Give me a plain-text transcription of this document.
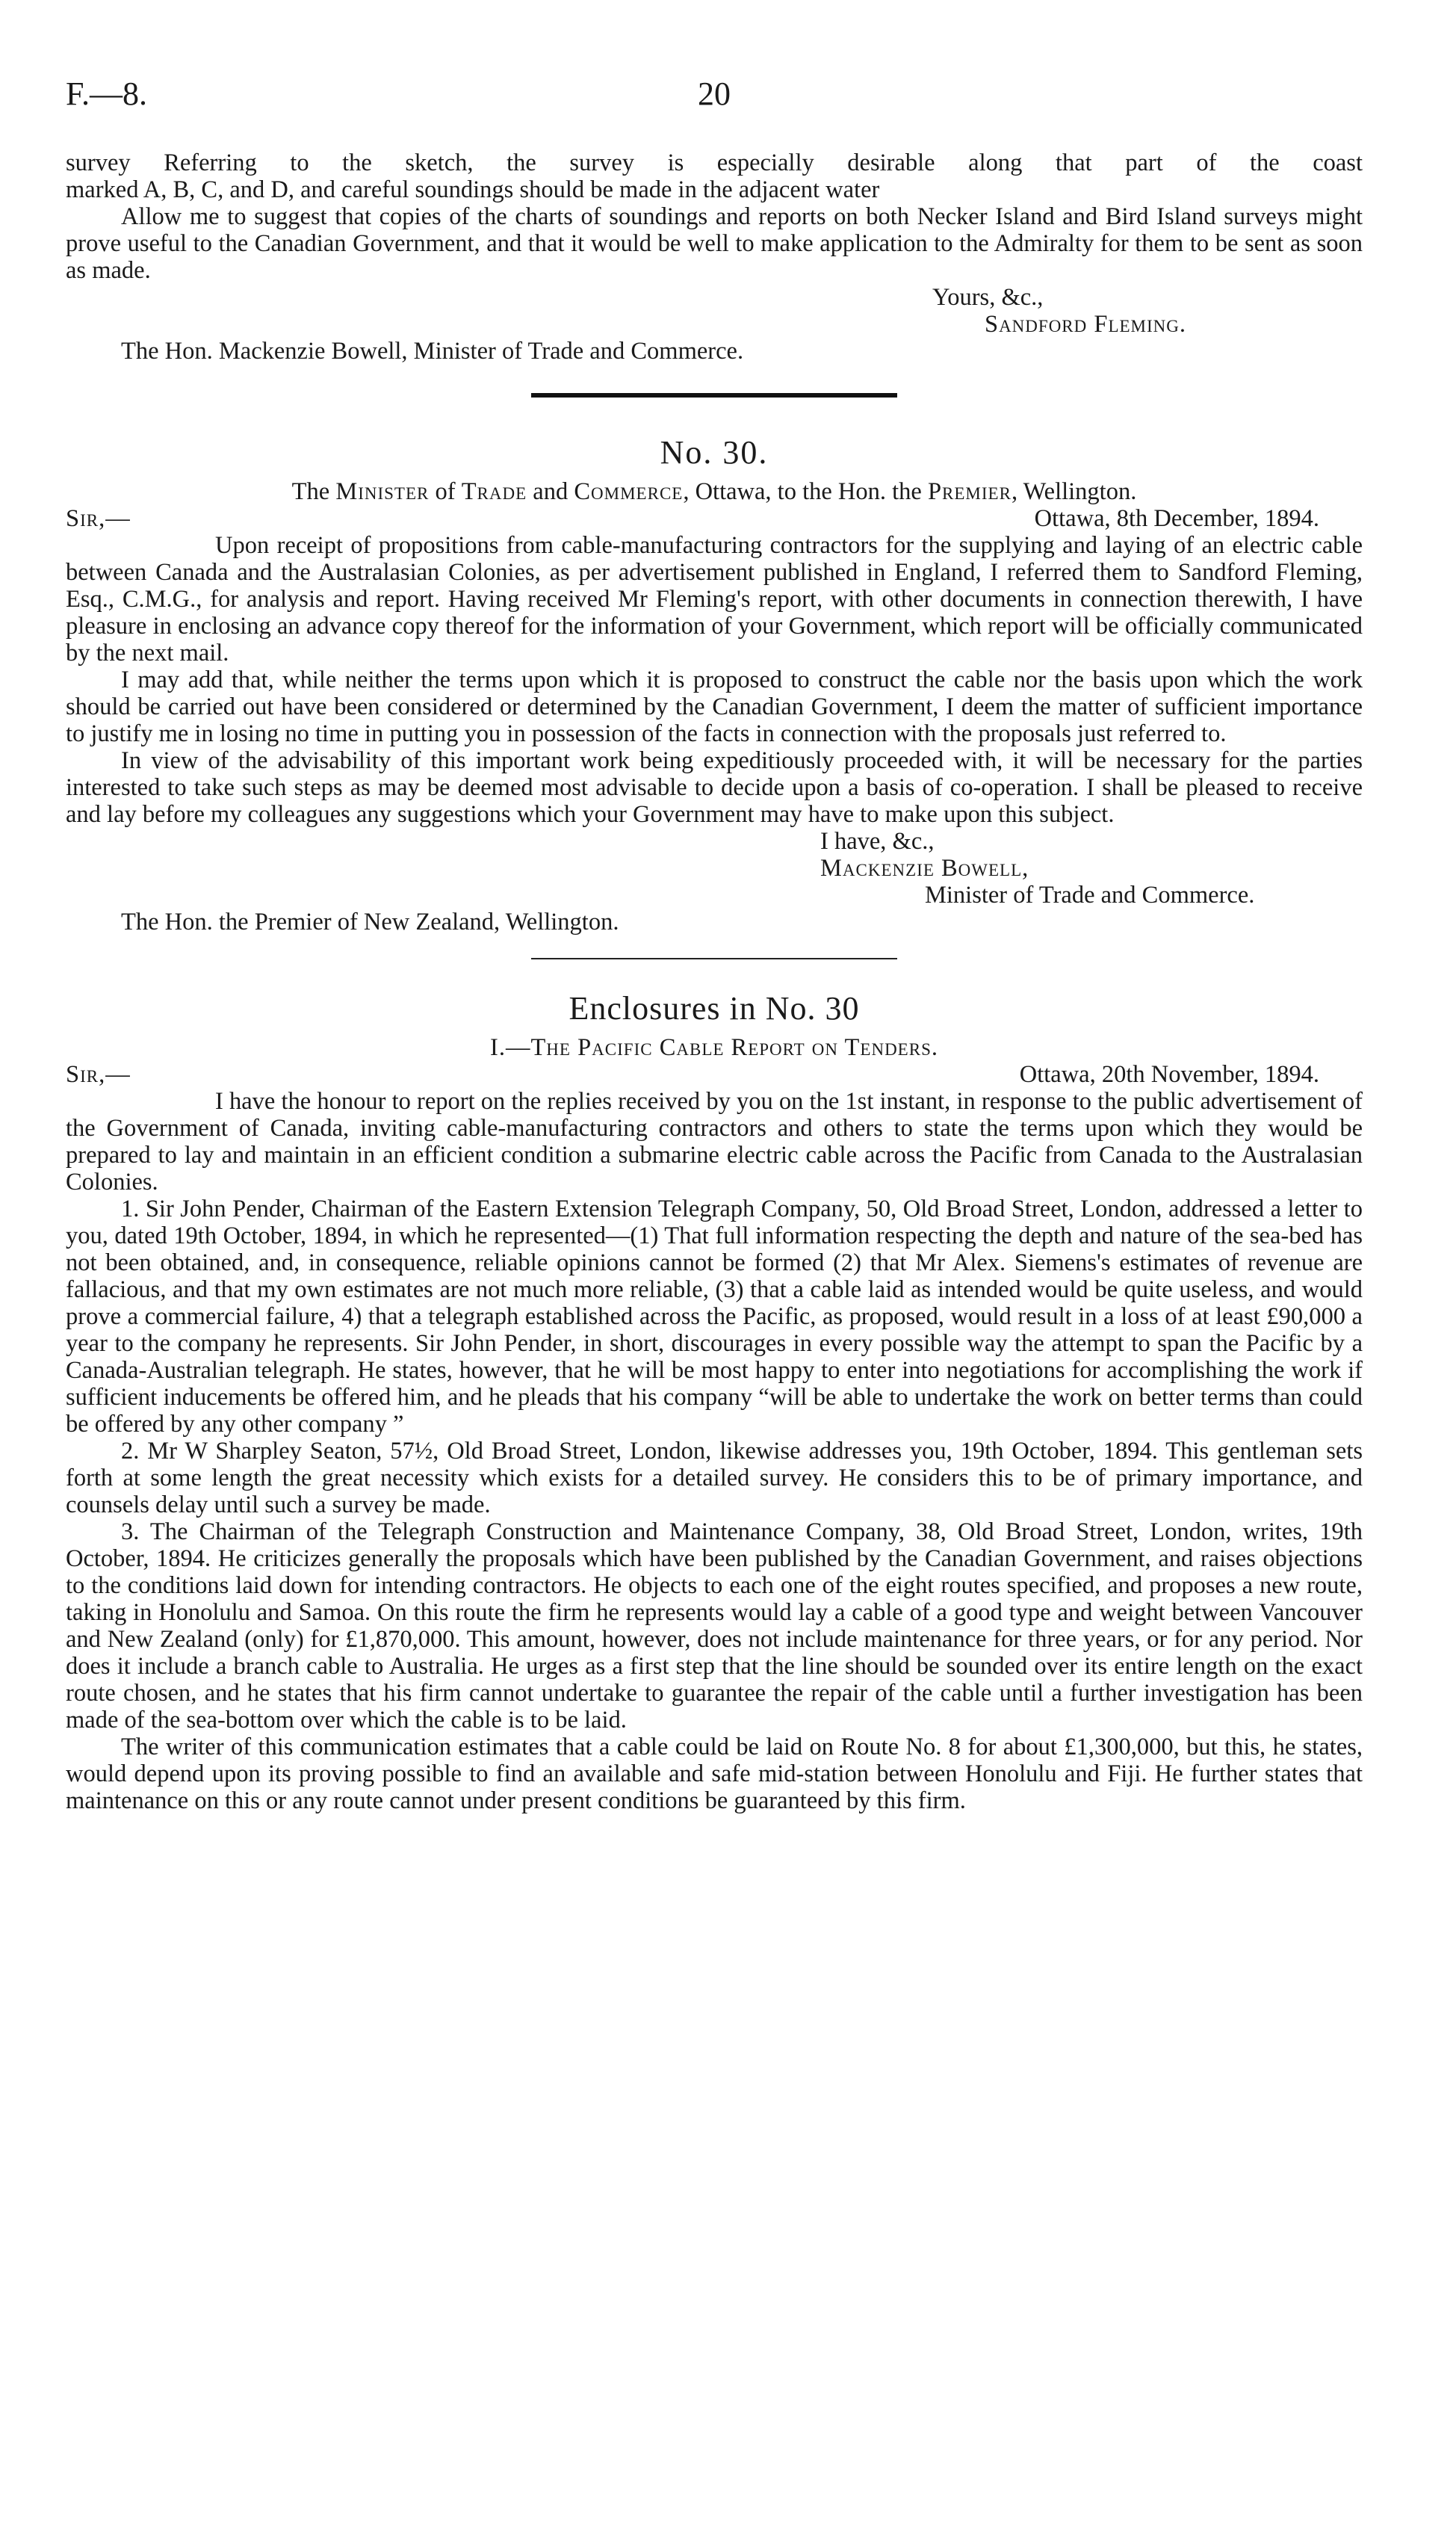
F.—8.	20

survey Referring to the sketch, the survey is especially desirable along that part of the coast

marked A, B, C, and D, and careful soundings should be made in the adjacent water

Allow me to suggest that copies of the charts of soundings and reports on both Necker Island and Bird Island surveys might prove useful to the Canadian Government, and that it would be well to make application to the Admiralty for them to be sent as soon as made.

Yours, &c.,

Sandford Fleming.

The Hon. Mackenzie Bowell, Minister of Trade and Commerce.

No. 30.

The Minister of Trade and Commerce, Ottawa, to the Hon. the Premier, Wellington.

Sir,—	Ottawa, 8th December, 1894.

Upon receipt of propositions from cable-manufacturing contractors for the supplying and laying of an electric cable between Canada and the Australasian Colonies, as per advertisement published in England, I referred them to Sandford Fleming, Esq., C.M.G., for analysis and report. Having received Mr Fleming's report, with other documents in connection therewith, I have pleasure in enclosing an advance copy thereof for the information of your Government, which report will be officially communicated by the next mail.

I may add that, while neither the terms upon which it is proposed to construct the cable nor the basis upon which the work should be carried out have been considered or determined by the Canadian Government, I deem the matter of sufficient importance to justify me in losing no time in putting you in possession of the facts in connection with the proposals just referred to.

In view of the advisability of this important work being expeditiously proceeded with, it will be necessary for the parties interested to take such steps as may be deemed most advisable to decide upon a basis of co-operation. I shall be pleased to receive and lay before my colleagues any suggestions which your Government may have to make upon this subject.

I have, &c.,

Mackenzie Bowell,

Minister of Trade and Commerce.

The Hon. the Premier of New Zealand, Wellington.

Enclosures in No. 30

I.—The Pacific Cable Report on Tenders.

Sir,—	Ottawa, 20th November, 1894.

I have the honour to report on the replies received by you on the 1st instant, in response to the public advertisement of the Government of Canada, inviting cable-manufacturing contractors and others to state the terms upon which they would be prepared to lay and maintain in an efficient condition a submarine electric cable across the Pacific from Canada to the Australasian Colonies.

1. Sir John Pender, Chairman of the Eastern Extension Telegraph Company, 50, Old Broad Street, London, addressed a letter to you, dated 19th October, 1894, in which he represented—(1) That full information respecting the depth and nature of the sea-bed has not been obtained, and, in consequence, reliable opinions cannot be formed (2) that Mr Alex. Siemens's estimates of revenue are fallacious, and that my own estimates are not much more reliable, (3) that a cable laid as intended would be quite useless, and would prove a commercial failure, 4) that a telegraph established across the Pacific, as proposed, would result in a loss of at least £90,000 a year to the company he represents. Sir John Pender, in short, discourages in every possible way the attempt to span the Pacific by a Canada-Australian telegraph. He states, however, that he will be most happy to enter into negotiations for accomplishing the work if sufficient inducements be offered him, and he pleads that his company “will be able to undertake the work on better terms than could be offered by any other company ”

2. Mr W Sharpley Seaton, 57½, Old Broad Street, London, likewise addresses you, 19th October, 1894. This gentleman sets forth at some length the great necessity which exists for a detailed survey. He considers this to be of primary importance, and counsels delay until such a survey be made.

3. The Chairman of the Telegraph Construction and Maintenance Company, 38, Old Broad Street, London, writes, 19th October, 1894. He criticizes generally the proposals which have been published by the Canadian Government, and raises objections to the conditions laid down for intending contractors. He objects to each one of the eight routes specified, and proposes a new route, taking in Honolulu and Samoa. On this route the firm he represents would lay a cable of a good type and weight between Vancouver and New Zealand (only) for £1,870,000. This amount, however, does not include maintenance for three years, or for any period. Nor does it include a branch cable to Australia. He urges as a first step that the line should be sounded over its entire length on the exact route chosen, and he states that his firm cannot undertake to guarantee the repair of the cable until a further investigation has been made of the sea-bottom over which the cable is to be laid.

The writer of this communication estimates that a cable could be laid on Route No. 8 for about £1,300,000, but this, he states, would depend upon its proving possible to find an available and safe mid-station between Honolulu and Fiji. He further states that maintenance on this or any route cannot under present conditions be guaranteed by this firm.
